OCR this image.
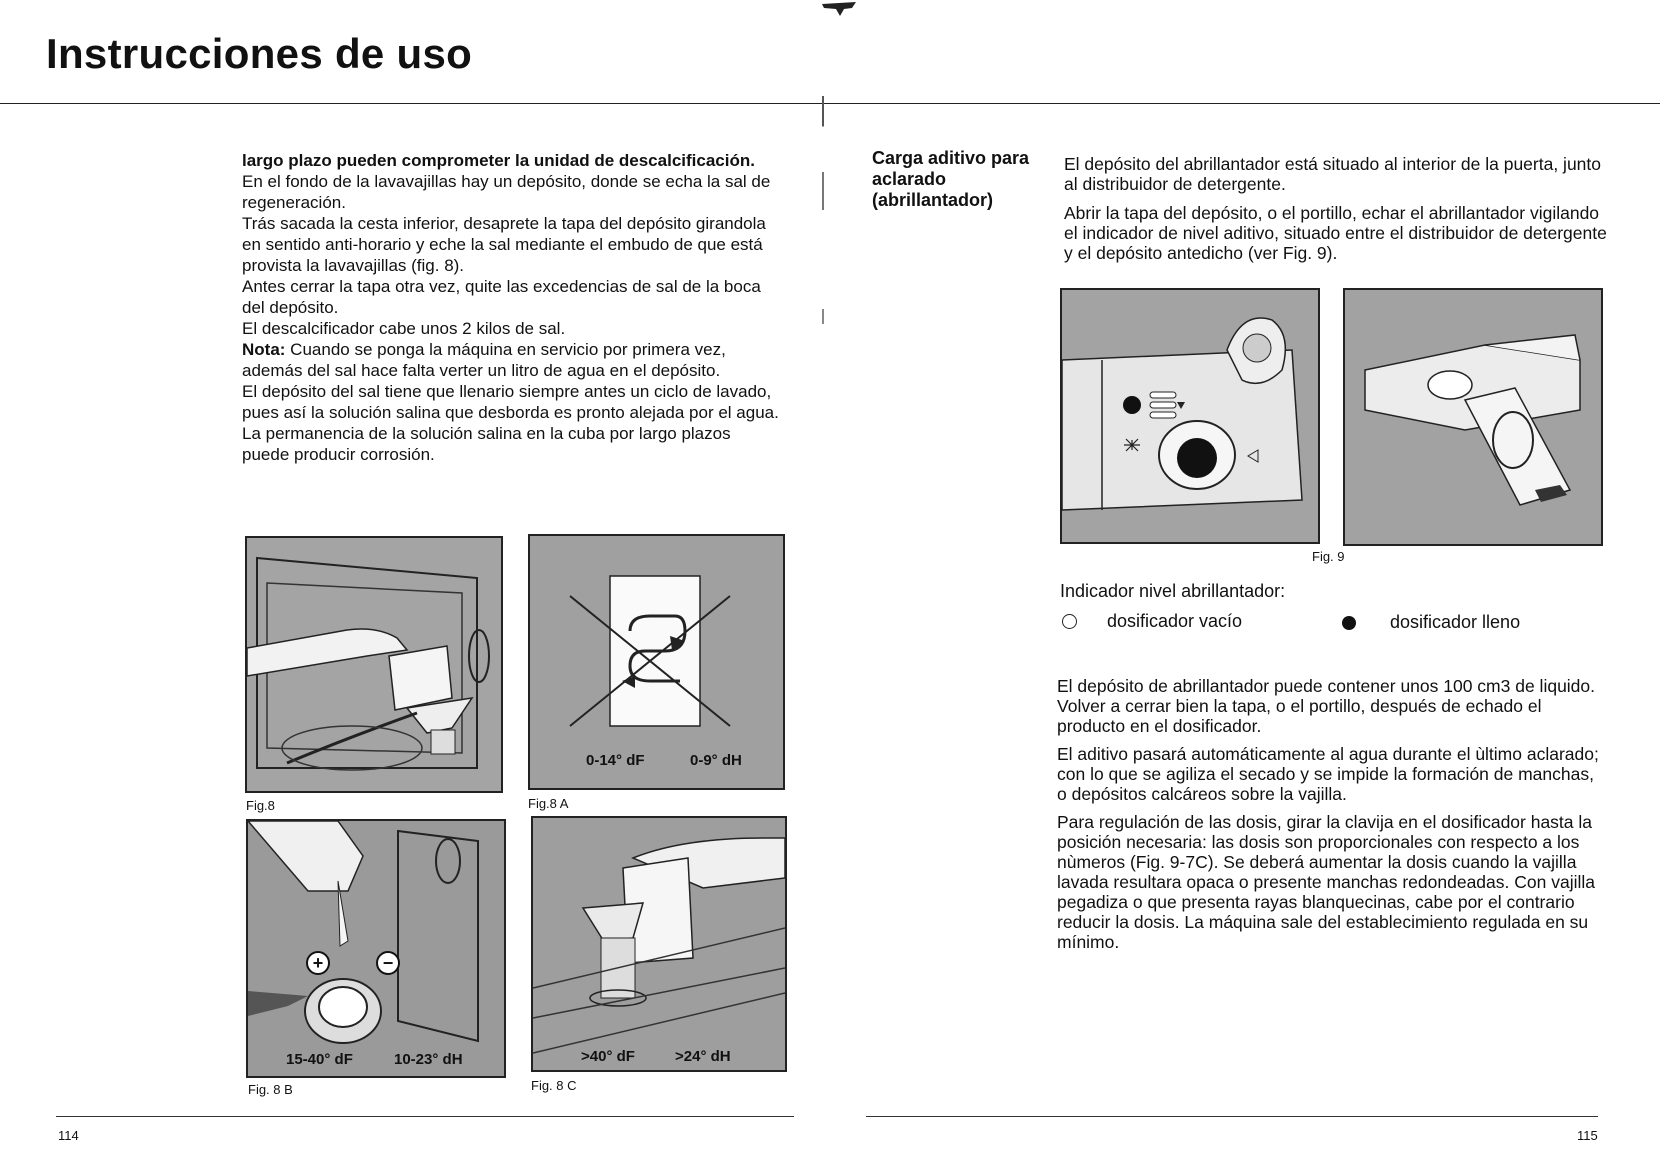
Instrucciones de uso

largo plazo pueden comprometer la unidad de descalcificación.

En el fondo de la lavavajillas hay un depósito, donde se echa la sal de regeneración.

Trás sacada la cesta inferior, desaprete la tapa del depósito girandola en sentido anti-horario y eche la sal mediante el embudo de que está provista la lavavajillas (fig. 8).

Antes cerrar la tapa otra vez, quite las excedencias de sal de la boca del depósito.

El descalcificador cabe unos 2 kilos de sal.

Nota: Cuando se ponga la máquina en servicio por primera vez, además del sal hace falta verter un litro de agua en el depósito.

El depósito del sal tiene que llenario siempre antes un ciclo de lavado, pues así la solución salina que desborda es pronto alejada por el agua.

La permanencia de la solución salina en la cuba por largo plazos puede producir corrosión.

Fig.8
0-14° dF	0-9° dH
Fig.8 A
+	−
15-40° dF	10-23° dH
Fig. 8 B
>40° dF	>24° dH
Fig. 8 C
Carga aditivo para aclarado (abrillantador)

El depósito del abrillantador está situado al interior de la puerta, junto al distribuidor de detergente.

Abrir la tapa del depósito, o el portillo, echar el abrillantador vigilando el indicador de nivel aditivo, situado entre el distribuidor de detergente y el depósito antedicho (ver Fig. 9).

Fig. 9
Indicador nivel abrillantador:
dosificador vacío	dosificador lleno

El depósito de abrillantador puede contener unos 100 cm3 de liquido. Volver a cerrar bien la tapa, o el portillo, después de echado el producto en el dosificador.

El aditivo pasará automáticamente al agua durante el ùltimo aclarado; con lo que se agiliza el secado y se impide la formación de manchas, o depósitos calcáreos sobre la vajilla.

Para regulación de las dosis, girar la clavija en el dosificador hasta la posición necesaria: las dosis son proporcionales con respecto a los nùmeros (Fig. 9-7C). Se deberá aumentar la dosis cuando la vajilla lavada resultara opaca o presente manchas redondeadas. Con vajilla pegadiza o que presenta rayas blanquecinas, cabe por el contrario reducir la dosis. La máquina sale del establecimiento regulada en su mínimo.

114	115
